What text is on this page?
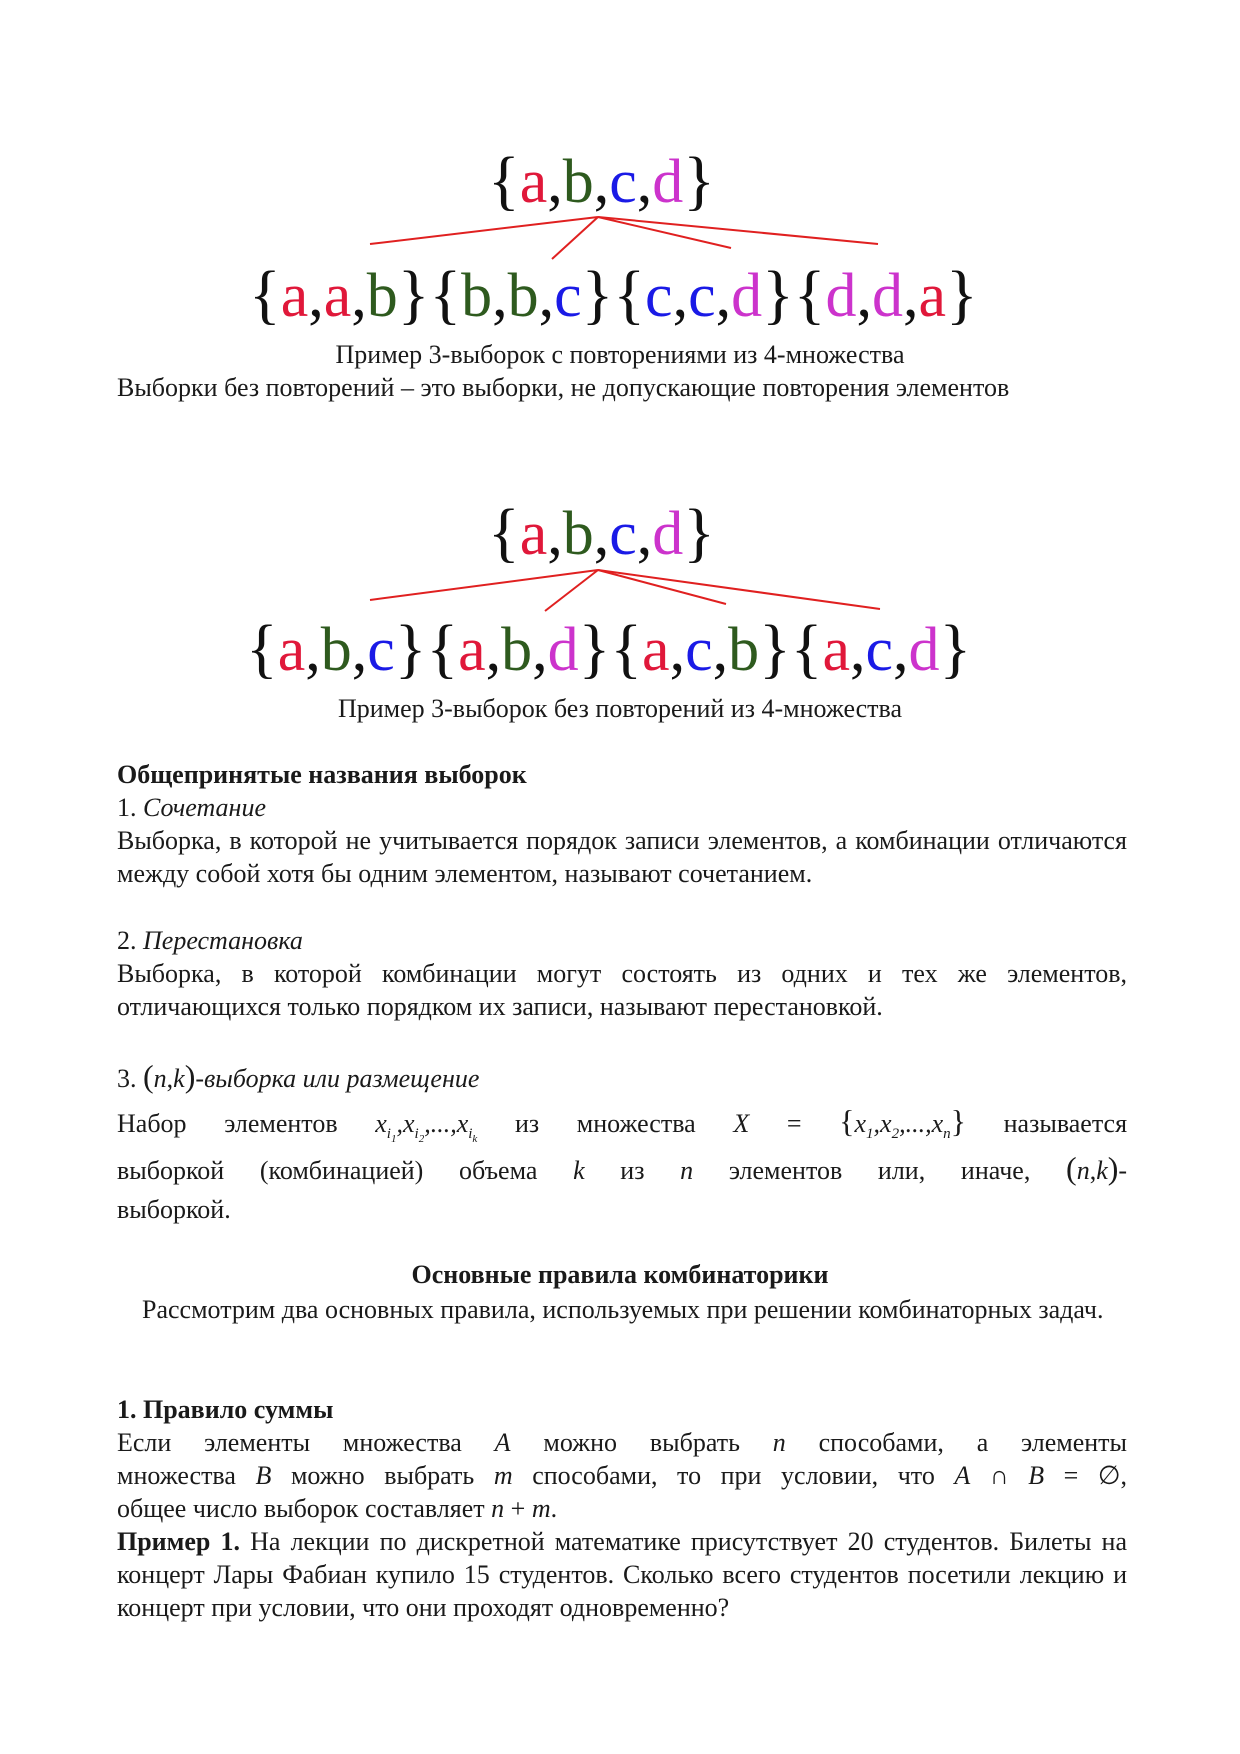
{a,b,c,d}
{a,a,b}{b,b,c}{c,c,d}{d,d,a}
Пример 3-выборок с повторениями из 4-множества
Выборки без повторений – это выборки, не допускающие повторения элементов
{a,b,c,d}
{a,b,c}{a,b,d}{a,c,b}{a,c,d}
Пример 3-выборок без повторений из 4-множества
Общепринятые названия выборок
1. Сочетание
Выборка, в которой не учитывается порядок записи элементов, а комбинации отличаются между собой хотя бы одним элементом, называют сочетанием.
2. Перестановка
Выборка, в которой комбинации могут состоять из одних и тех же элементов, отличающихся только порядком их записи, называют перестановкой.
3. (n,k)-выборка или размещение
Набор элементов $x_{i_1},x_{i_2},...,x_{i_k}$ из множества $X = \{x_1,x_2,...,x_n\}$ называется
выборкой (комбинацией) объема k из n элементов или, иначе, (n,k)-
выборкой.
Основные правила комбинаторики
Рассмотрим два основных правила, используемых при решении комбинаторных задач.
1. Правило суммы
Если элементы множества A можно выбрать n способами, а элементы
множества B можно выбрать m способами, то при условии, что A ∩ B = ∅,
общее число выборок составляет n + m.
Пример 1. На лекции по дискретной математике присутствует 20 студентов. Билеты на концерт Лары Фабиан купило 15 студентов. Сколько всего студентов посетили лекцию и концерт при условии, что они проходят одновременно?
